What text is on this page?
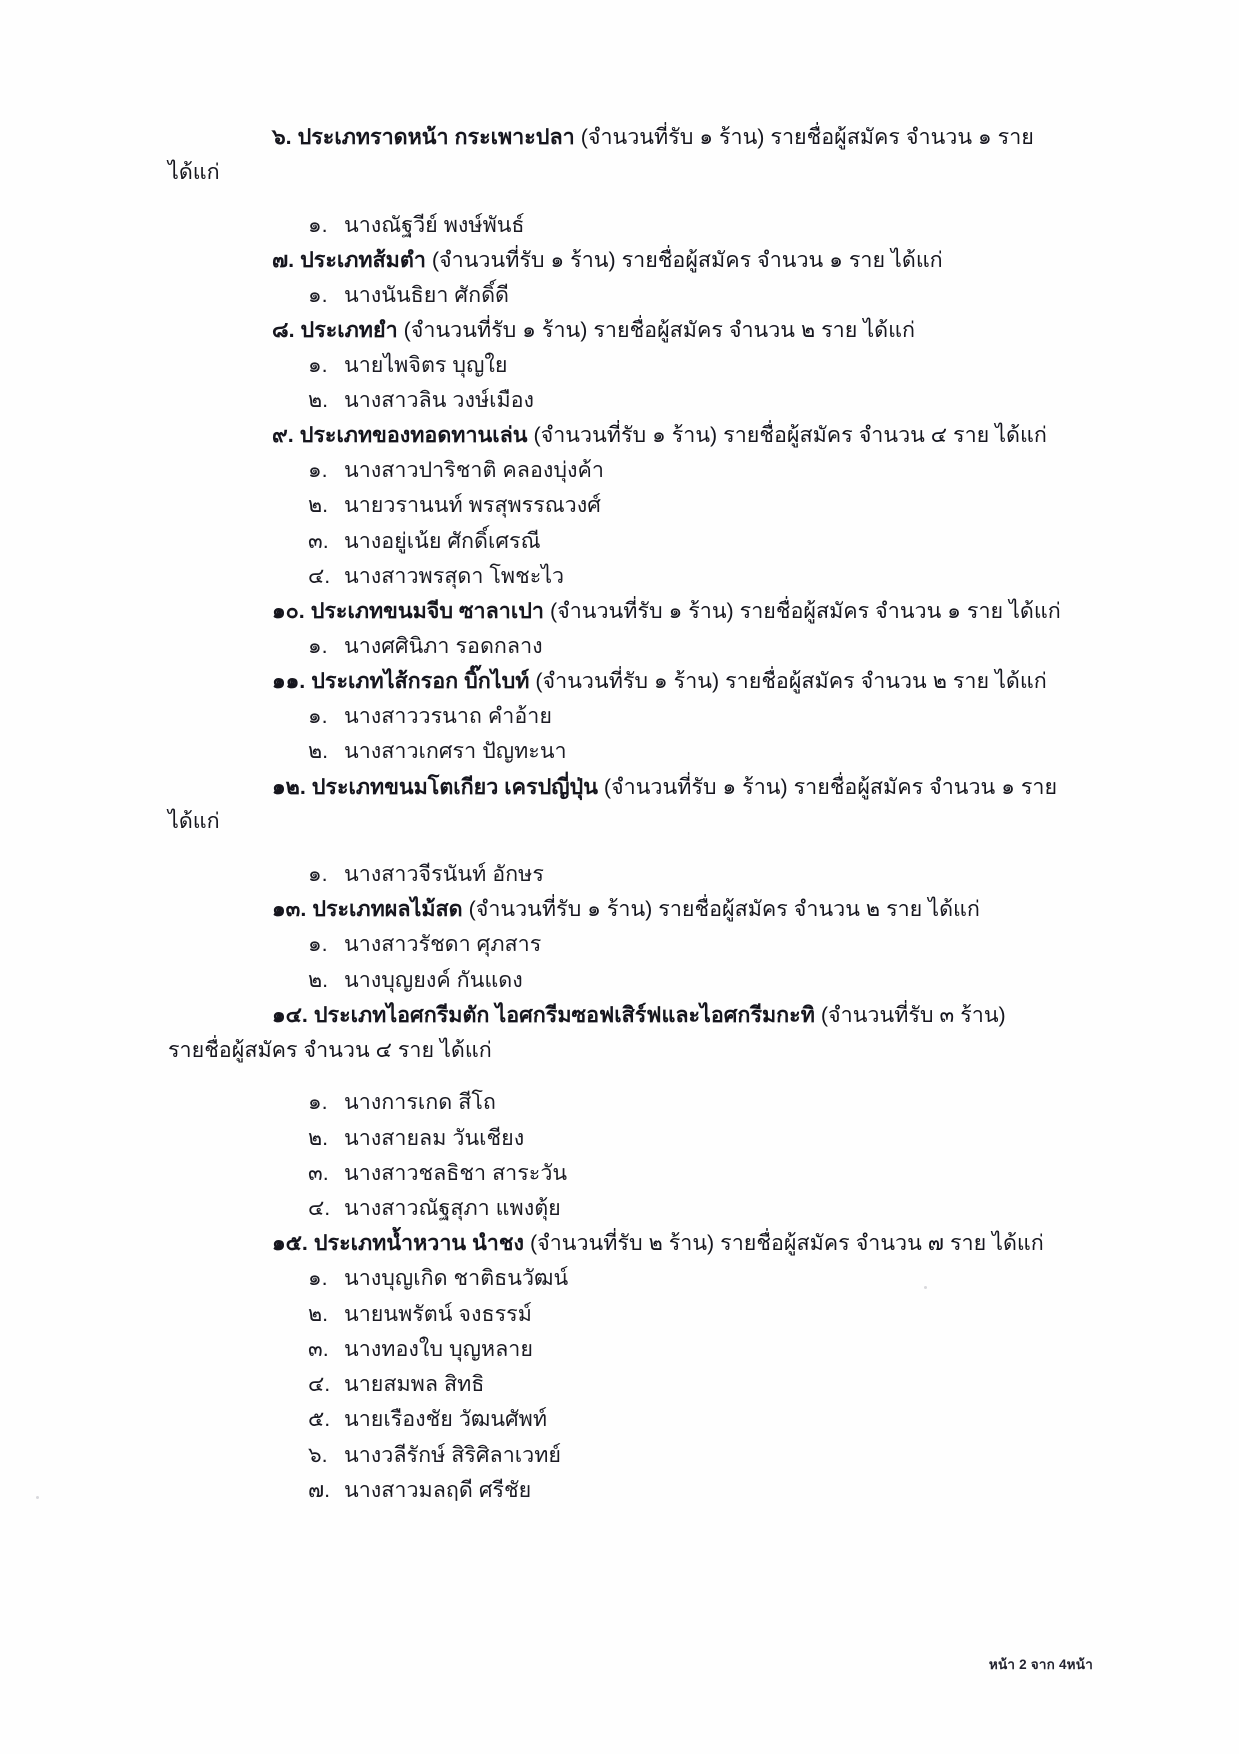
๖. ประเภทราดหน้า กระเพาะปลา (จำนวนที่รับ ๑ ร้าน) รายชื่อผู้สมัคร จำนวน ๑ ราย

ได้แก่

๑. นางณัฐวีย์ พงษ์พันธ์

๗. ประเภทส้มตำ (จำนวนที่รับ ๑ ร้าน) รายชื่อผู้สมัคร จำนวน ๑ ราย ได้แก่

๑. นางนันธิยา ศักดิ์ดี

๘. ประเภทยำ (จำนวนที่รับ ๑ ร้าน) รายชื่อผู้สมัคร จำนวน ๒ ราย ได้แก่

๑. นายไพจิตร บุญใย

๒. นางสาวลิน วงษ์เมือง

๙. ประเภทของทอดทานเล่น (จำนวนที่รับ ๑ ร้าน) รายชื่อผู้สมัคร จำนวน ๔ ราย ได้แก่

๑. นางสาวปาริชาติ คลองบุ่งค้า

๒. นายวรานนท์ พรสุพรรณวงศ์

๓. นางอยู่เน้ย ศักดิ์เศรณี

๔. นางสาวพรสุดา โพชะไว

๑๐. ประเภทขนมจีบ ซาลาเปา (จำนวนที่รับ ๑ ร้าน) รายชื่อผู้สมัคร จำนวน ๑ ราย ได้แก่

๑. นางศศินิภา รอดกลาง

๑๑. ประเภทไส้กรอก บิ๊กไบท์ (จำนวนที่รับ ๑ ร้าน) รายชื่อผู้สมัคร จำนวน ๒ ราย ได้แก่

๑. นางสาววรนาถ คำอ้าย

๒. นางสาวเกศรา ปัญทะนา

๑๒. ประเภทขนมโตเกียว เครปญี่ปุ่น (จำนวนที่รับ ๑ ร้าน) รายชื่อผู้สมัคร จำนวน ๑ ราย

ได้แก่

๑. นางสาวจีรนันท์ อักษร

๑๓. ประเภทผลไม้สด (จำนวนที่รับ ๑ ร้าน) รายชื่อผู้สมัคร จำนวน ๒ ราย ได้แก่

๑. นางสาวรัชดา ศุภสาร

๒. นางบุญยงค์ กันแดง

๑๔. ประเภทไอศกรีมตัก ไอศกรีมซอฟเสิร์ฟและไอศกรีมกะทิ (จำนวนที่รับ ๓ ร้าน)

รายชื่อผู้สมัคร จำนวน ๔ ราย ได้แก่

๑. นางการเกด สีโถ

๒. นางสายลม วันเชียง

๓. นางสาวชลธิชา สาระวัน

๔. นางสาวณัฐสุภา แพงตุ้ย

๑๕. ประเภทน้ำหวาน นำชง (จำนวนที่รับ ๒ ร้าน) รายชื่อผู้สมัคร จำนวน ๗ ราย ได้แก่

๑. นางบุญเกิด ชาติธนวัฒน์

๒. นายนพรัตน์ จงธรรม์

๓. นางทองใบ บุญหลาย

๔. นายสมพล สิทธิ

๕. นายเรืองชัย วัฒนศัพท์

๖. นางวลีรักษ์ สิริศิลาเวทย์

๗. นางสาวมลฤดี ศรีชัย

หน้า 2 จาก 4หน้า
